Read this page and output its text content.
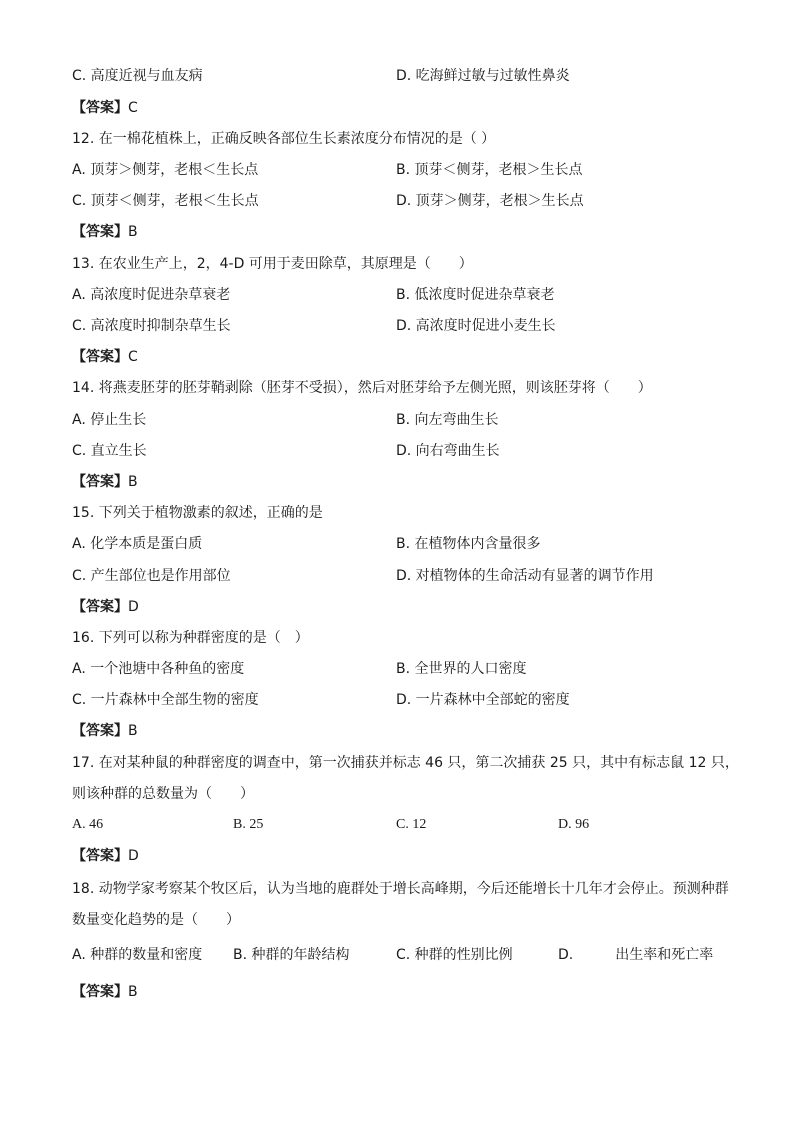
C. 高度近视与血友病	D. 吃海鲜过敏与过敏性鼻炎
【答案】C
12. 在一棉花植株上，正确反映各部位生长素浓度分布情况的是（ ）
A. 顶芽＞侧芽，老根＜生长点	B. 顶芽＜侧芽，老根＞生长点
C. 顶芽＜侧芽，老根＜生长点	D. 顶芽＞侧芽，老根＞生长点
【答案】B
13. 在农业生产上，2，4-D 可用于麦田除草，其原理是（　　）
A. 高浓度时促进杂草衰老	B. 低浓度时促进杂草衰老
C. 高浓度时抑制杂草生长	D. 高浓度时促进小麦生长
【答案】C
14. 将燕麦胚芽的胚芽鞘剥除（胚芽不受损），然后对胚芽给予左侧光照，则该胚芽将（　　）
A. 停止生长	B. 向左弯曲生长
C. 直立生长	D. 向右弯曲生长
【答案】B
15. 下列关于植物激素的叙述，正确的是
A. 化学本质是蛋白质	B. 在植物体内含量很多
C. 产生部位也是作用部位	D. 对植物体的生命活动有显著的调节作用
【答案】D
16. 下列可以称为种群密度的是（　）
A. 一个池塘中各种鱼的密度	B. 全世界的人口密度
C. 一片森林中全部生物的密度	D. 一片森林中全部蛇的密度
【答案】B
17. 在对某种鼠的种群密度的调查中，第一次捕获并标志 46 只，第二次捕获 25 只，其中有标志鼠 12 只，
则该种群的总数量为（　　）
A. 46	B. 25	C. 12	D. 96
【答案】D
18. 动物学家考察某个牧区后，认为当地的鹿群处于增长高峰期，今后还能增长十几年才会停止。预测种群
数量变化趋势的是（　　）
A. 种群的数量和密度 B. 种群的年龄结构	C. 种群的性别比例	D.　　　出生率和死亡率
【答案】B
